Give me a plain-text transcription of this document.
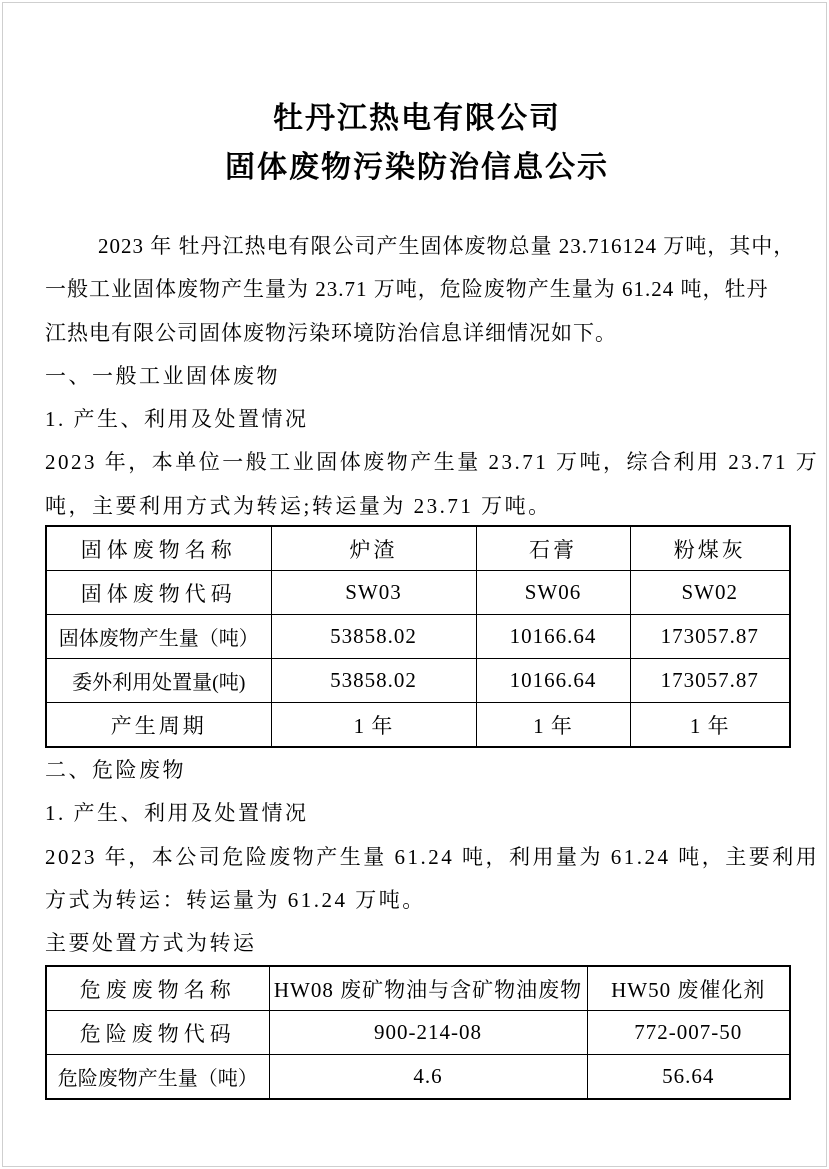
牡丹江热电有限公司
固体废物污染防治信息公示
2023 年 牡丹江热电有限公司产生固体废物总量 23.716124 万吨，其中，
一般工业固体废物产生量为 23.71 万吨，危险废物产生量为 61.24 吨，牡丹
江热电有限公司固体废物污染环境防治信息详细情况如下。
一、一般工业固体废物
1. 产生、利用及处置情况
2023 年，本单位一般工业固体废物产生量 23.71 万吨，综合利用 23.71 万
吨，主要利用方式为转运;转运量为 23.71 万吨。
固体废物名称	炉渣	石膏	粉煤灰
固体废物代码	SW03	SW06	SW02
固体废物产生量（吨）	53858.02	10166.64	173057.87
委外利用处置量(吨)	53858.02	10166.64	173057.87
产生周期	1 年	1 年	1 年
二、危险废物
1. 产生、利用及处置情况
2023 年，本公司危险废物产生量 61.24 吨，利用量为 61.24 吨，主要利用
方式为转运：转运量为 61.24 万吨。
主要处置方式为转运
危废废物名称	HW08 废矿物油与含矿物油废物	HW50 废催化剂
危险废物代码	900-214-08	772-007-50
危险废物产生量（吨）	4.6	56.64
